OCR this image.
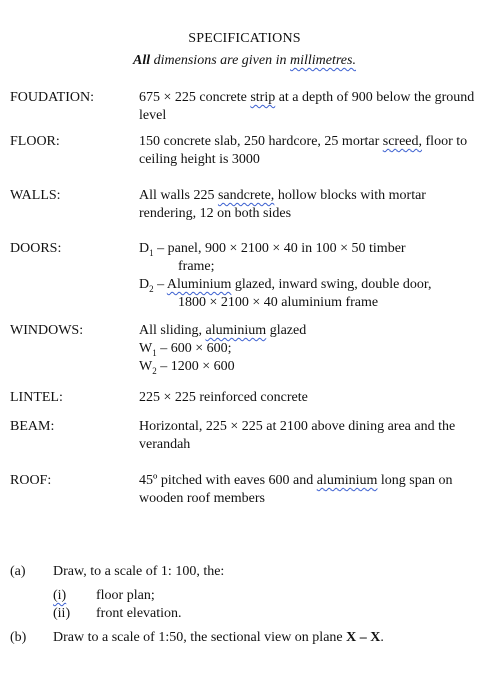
SPECIFICATIONS
All dimensions are given in millimetres.
FOUDATION:	675 × 225 concrete strip at a depth of 900 below the ground level
FLOOR:	150 concrete slab, 250 hardcore, 25 mortar screed, floor to ceiling height is 3000
WALLS:	All walls 225 sandcrete, hollow blocks with mortar rendering, 12 on both sides
DOORS:	$D_1$ – panel, 900 × 2100 × 40 in 100 × 50 timber
frame;
$D_2$ – Aluminium glazed, inward swing, double door,
1800 × 2100 × 40 aluminium frame
WINDOWS:	All sliding, aluminium glazed
$W_1 - 600 \times 600$;
$W_2 - 1200 \times 600$
LINTEL:	225 × 225 reinforced concrete
BEAM:	Horizontal, 225 × 225 at 2100 above dining area and the verandah
ROOF:	45º pitched with eaves 600 and aluminium long span on wooden roof members
(a) Draw, to a scale of 1: 100, the:
(i) floor plan;
(ii) front elevation.
(b) Draw to a scale of 1:50, the sectional view on plane X – X.
